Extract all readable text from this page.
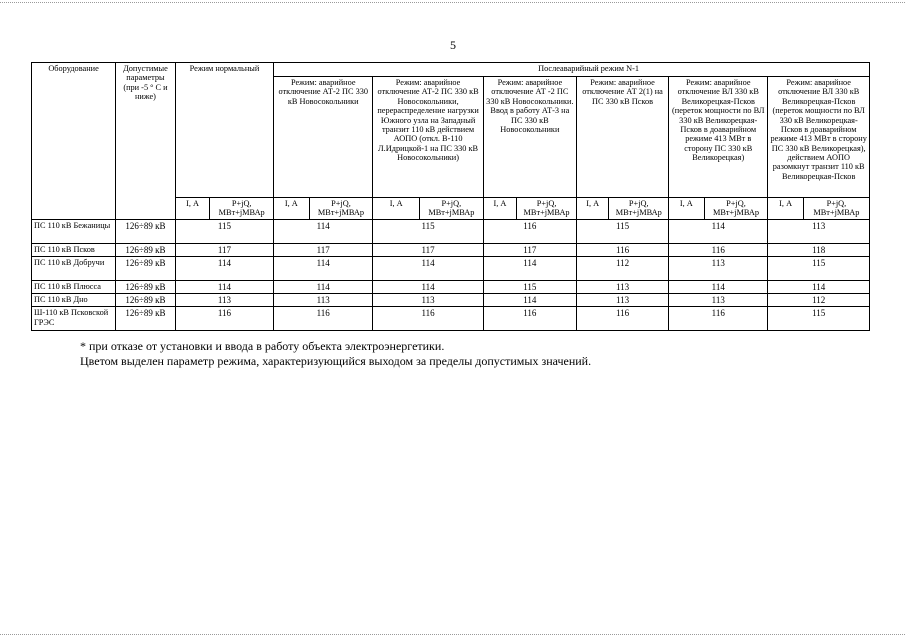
5
Оборудование	Допустимые параметры (при -5 ° С и ниже)	Режим нормальный		Послеаварийный режим N-1											
				Режим: аварийное отключение АТ-2 ПС 330 кВ Новосокольники		Режим: аварийное отключение АТ-2 ПС 330 кВ Новосокольники, перераспределение нагрузки Южного узла на Западный транзит 110 кВ действием АОПО (откл. В-110 Л.Идрицкой-1 на ПС 330 кВ Новосокольники)		Режим: аварийное отключение АТ -2 ПС 330 кВ Новосокольники. Ввод в работу АТ-3 на ПС 330 кВ Новосокольники		Режим: аварийное отключение АТ 2(1) на ПС 330 кВ Псков		Режим: аварийное отключение ВЛ 330 кВ Великорецкая-Псков (переток мощности по ВЛ 330 кВ Великорецкая-Псков в доаварийном режиме 413 МВт в сторону ПС 330 кВ Великорецкая)		Режим: аварийное отключение ВЛ 330 кВ Великорецкая-Псков (переток мощности по ВЛ 330 кВ Великорецкая-Псков в доаварийном режиме 413 МВт в сторону ПС 330 кВ Великорецкая), действием АОПО разомкнут транзит 110 кВ Великорецкая-Псков	
		I, А	P+jQ, МВт+jМВАр	I, А	P+jQ, МВт+jМВАр	I, А	P+jQ, МВт+jМВАр	I, А	P+jQ, МВт+jМВАр	I, А	P+jQ, МВт+jМВАр	I, А	P+jQ, МВт+jМВАр	I, А	P+jQ, МВт+jМВАр
ПС 110 кВ Бежаницы	126÷89 кВ	115		114		115		116		115		114		113	
ПС 110 кВ Псков	126÷89 кВ	117		117		117		117		116		116		118	
ПС 110 кВ Добручи	126÷89 кВ	114		114		114		114		112		113		115	
ПС 110 кВ Плюсса	126÷89 кВ	114		114		114		115		113		114		114	
ПС 110 кВ Дно	126÷89 кВ	113		113		113		114		113		113		112	
Ш-110 кВ Псковской ГРЭС	126÷89 кВ	116		116		116		116		116		116		115	
* при отказе от установки и ввода в работу объекта электроэнергетики.
Цветом выделен параметр режима, характеризующийся выходом за пределы допустимых значений.
